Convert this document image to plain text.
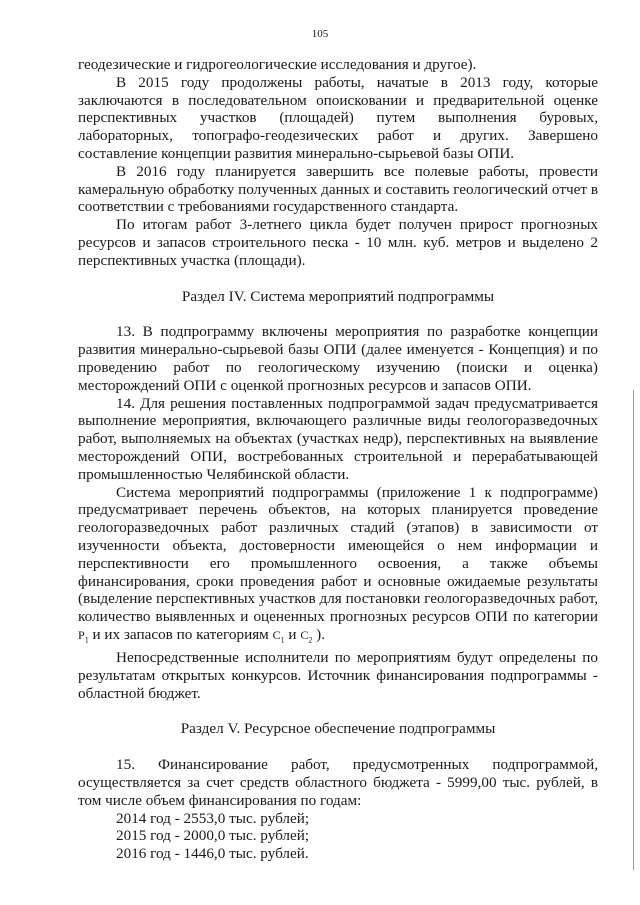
105

геодезические и гидрогеологические исследования и другое).

В 2015 году продолжены работы, начатые в 2013 году, которые заключаются в последовательном опоисковании и предварительной оценке перспективных участков (площадей) путем выполнения буровых, лабораторных, топографо-геодезических работ и других. Завершено составление концепции развития минерально-сырьевой базы ОПИ.

В 2016 году планируется завершить все полевые работы, провести камеральную обработку полученных данных и составить геологический отчет в соответствии с требованиями государственного стандарта.

По итогам работ 3-летнего цикла будет получен прирост прогнозных ресурсов и запасов строительного песка - 10 млн. куб. метров и выделено 2 перспективных участка (площади).

Раздел IV. Система мероприятий подпрограммы

13. В подпрограмму включены мероприятия по разработке концепции развития минерально-сырьевой базы ОПИ (далее именуется - Концепция) и по проведению работ по геологическому изучению (поиски и оценка) месторождений ОПИ с оценкой прогнозных ресурсов и запасов ОПИ.

14. Для решения поставленных подпрограммой задач предусматривается выполнение мероприятия, включающего различные виды геологоразведочных работ, выполняемых на объектах (участках недр), перспективных на выявление месторождений ОПИ, востребованных строительной и перерабатывающей промышленностью Челябинской области.

Система мероприятий подпрограммы (приложение 1 к подпрограмме) предусматривает перечень объектов, на которых планируется проведение геологоразведочных работ различных стадий (этапов) в зависимости от изученности объекта, достоверности имеющейся о нем информации и перспективности его промышленного освоения, а также объемы финансирования, сроки проведения работ и основные ожидаемые результаты (выделение перспективных участков для постановки геологоразведочных работ, количество выявленных и оцененных прогнозных ресурсов ОПИ по категории $P_1$ и их запасов по категориям $C_1$ и $C_2$ ).

Непосредственные исполнители по мероприятиям будут определены по результатам открытых конкурсов. Источник финансирования подпрограммы - областной бюджет.

Раздел V. Ресурсное обеспечение подпрограммы

15. Финансирование работ, предусмотренных подпрограммой, осуществляется за счет средств областного бюджета - 5999,00 тыс. рублей, в том числе объем финансирования по годам:

2014 год - 2553,0 тыс. рублей;

2015 год - 2000,0 тыс. рублей;

2016 год - 1446,0 тыс. рублей.
